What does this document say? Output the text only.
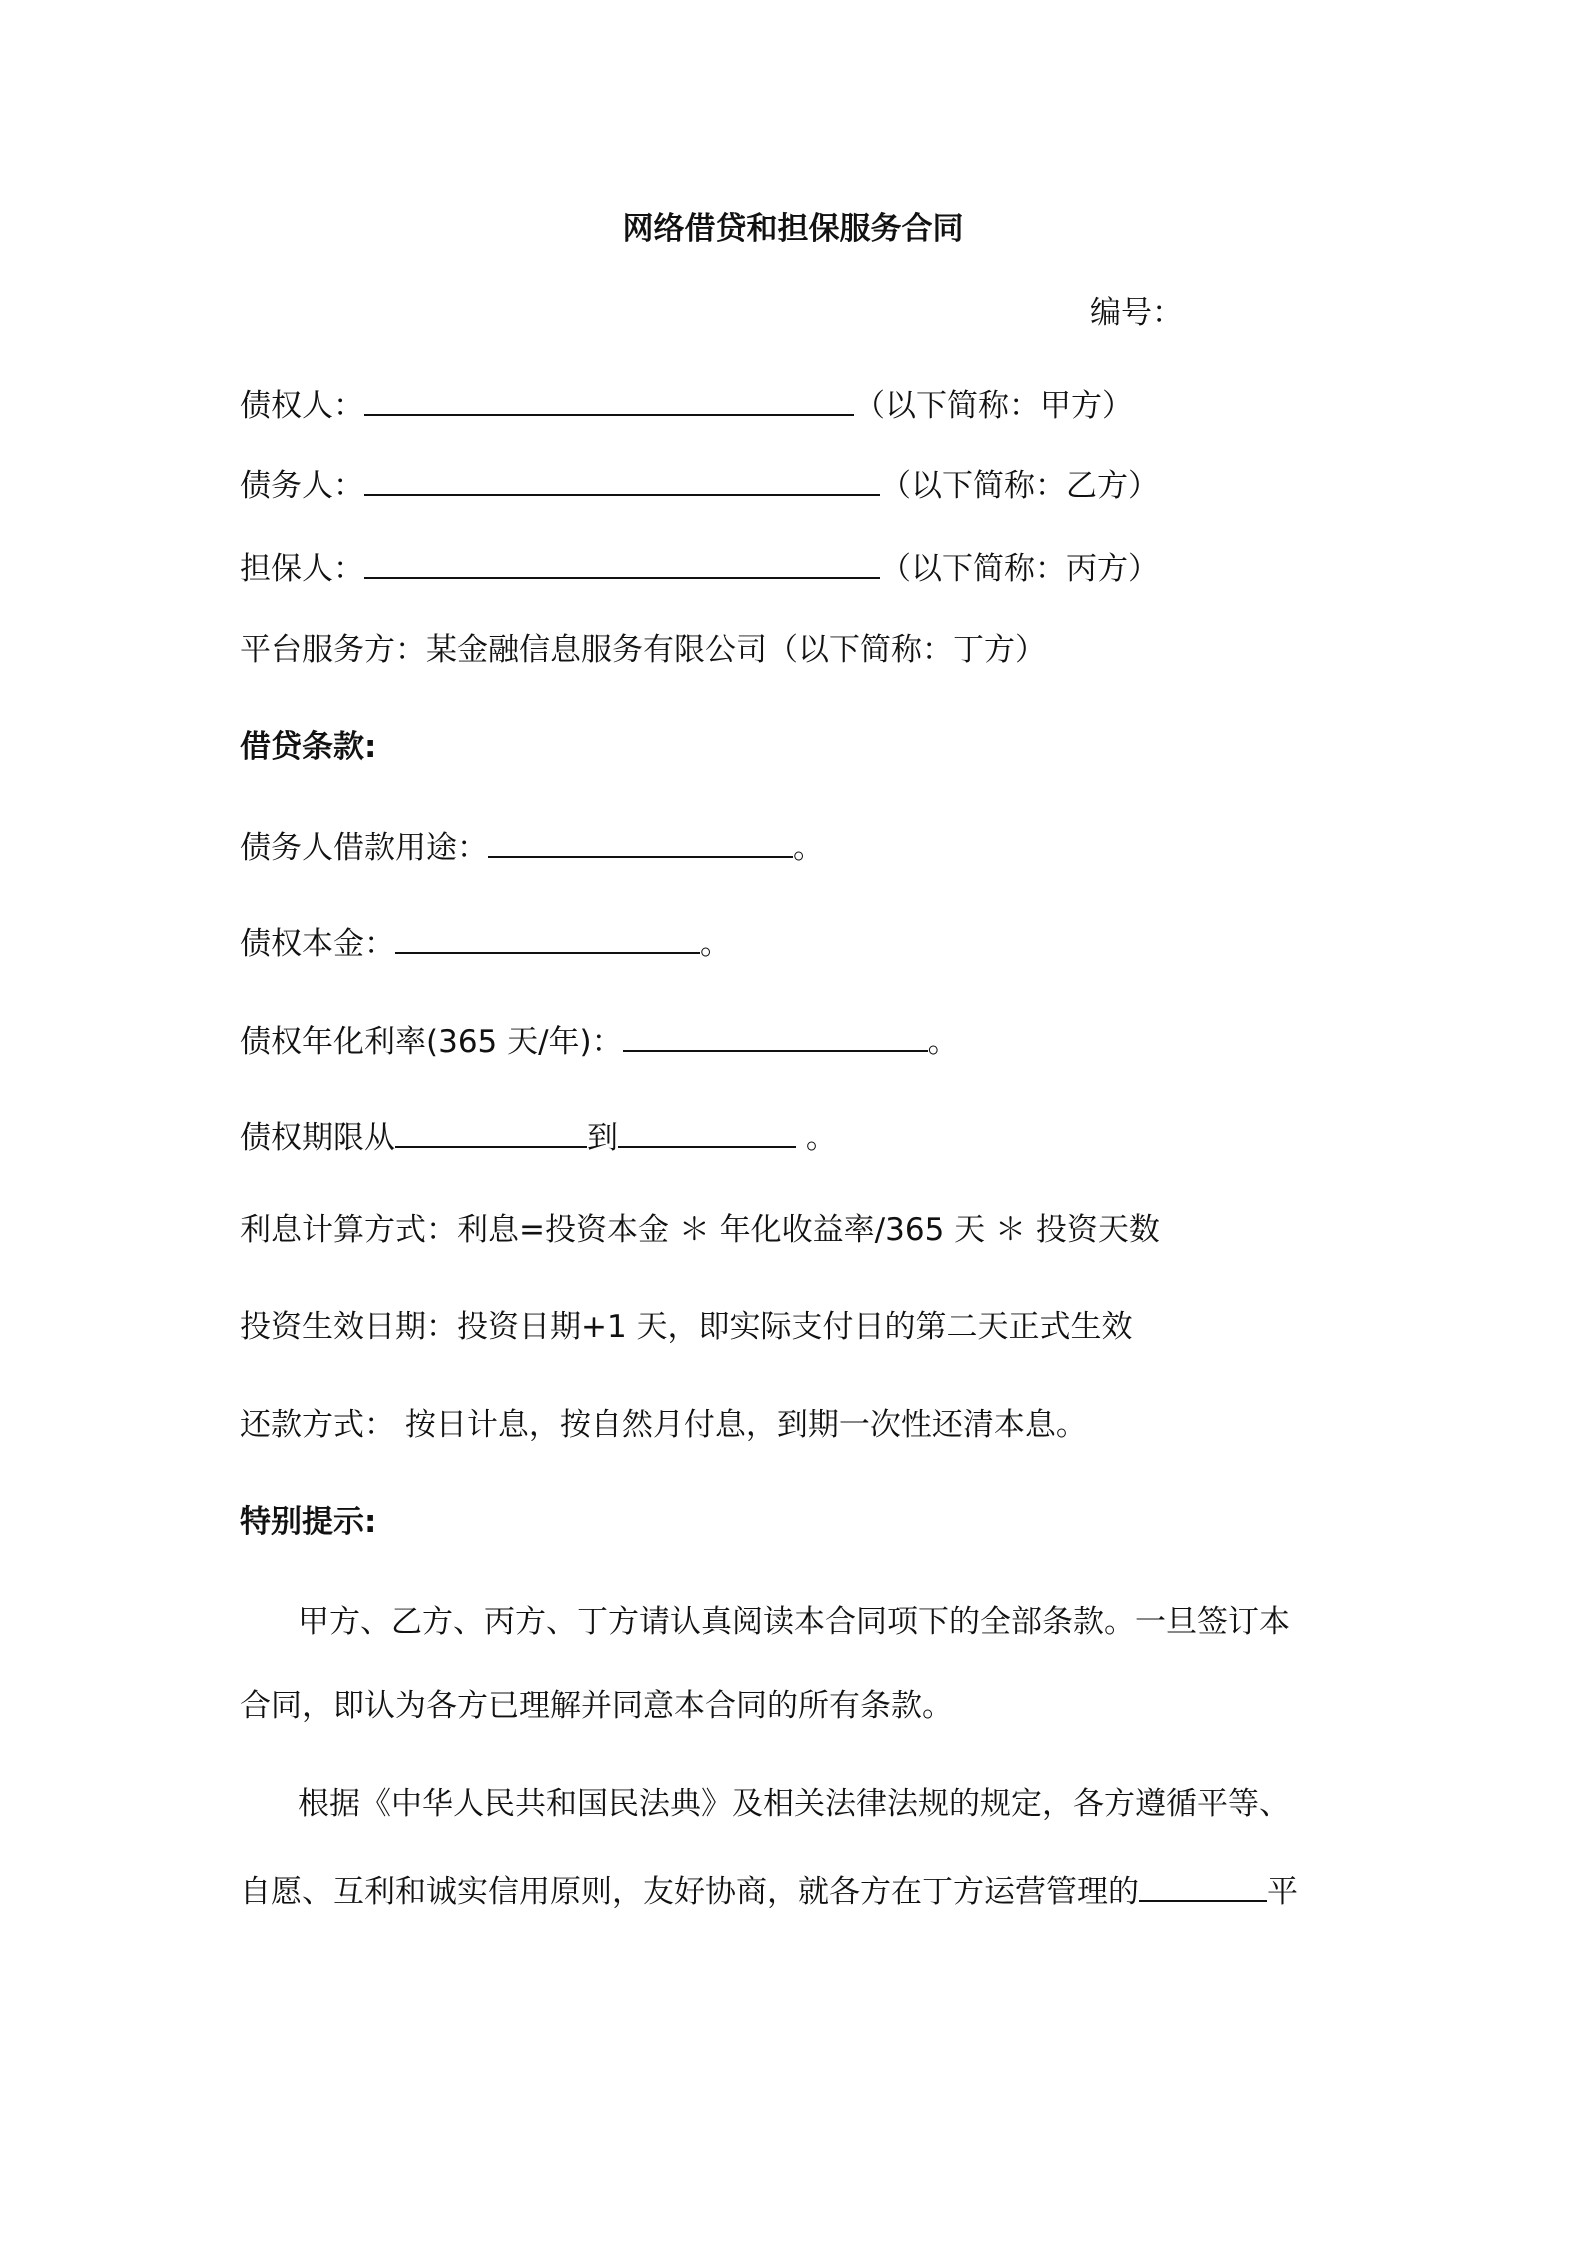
网络借贷和担保服务合同
编号：
债权人：	（以下简称：甲方）
债务人：	（以下简称：乙方）
担保人：	（以下简称：丙方）
平台服务方：某金融信息服务有限公司（以下简称：丁方）
借贷条款:
债务人借款用途：	。
债权本金：	。
债权年化利率(365 天/年)：	。
债权期限从	到	。
利息计算方式：利息=投资本金 ＊ 年化收益率/365 天 ＊ 投资天数
投资生效日期：投资日期+1 天，即实际支付日的第二天正式生效
还款方式： 按日计息，按自然月付息，到期一次性还清本息。
特别提示:
甲方、乙方、丙方、丁方请认真阅读本合同项下的全部条款。一旦签订本
合同，即认为各方已理解并同意本合同的所有条款。
根据《中华人民共和国民法典》及相关法律法规的规定，各方遵循平等、
自愿、互利和诚实信用原则，友好协商，就各方在丁方运营管理的	平
